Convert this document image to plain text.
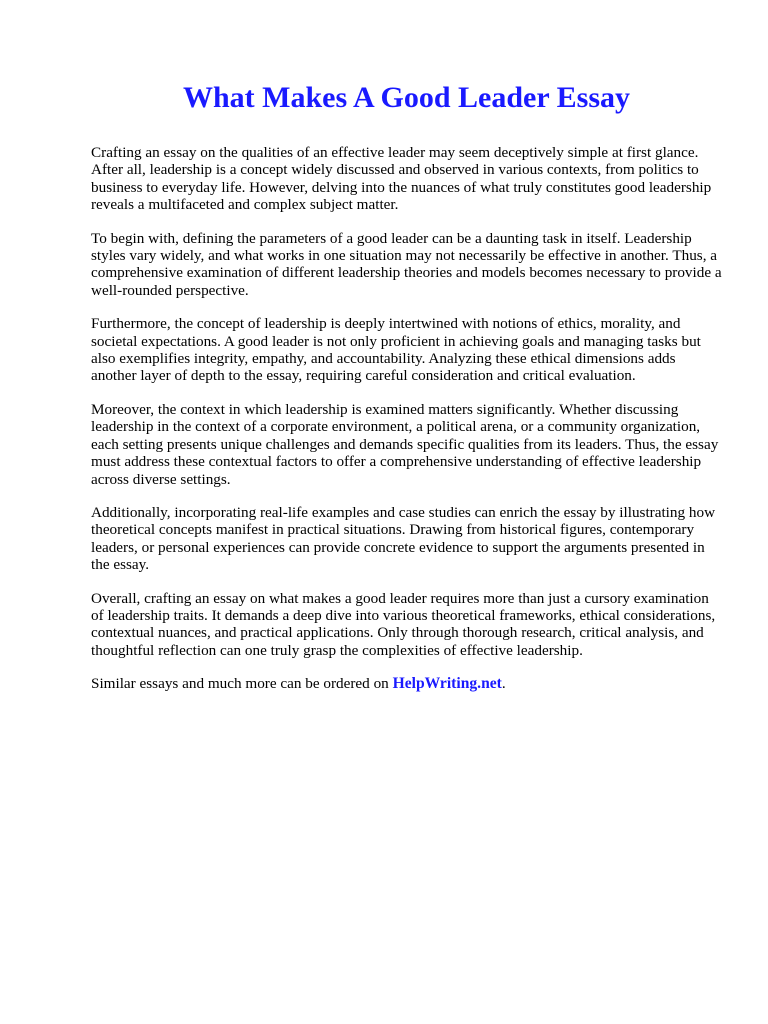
What Makes A Good Leader Essay

Crafting an essay on the qualities of an effective leader may seem deceptively simple at first glance. After all, leadership is a concept widely discussed and observed in various contexts, from politics to business to everyday life. However, delving into the nuances of what truly constitutes good leadership reveals a multifaceted and complex subject matter.

To begin with, defining the parameters of a good leader can be a daunting task in itself. Leadership styles vary widely, and what works in one situation may not necessarily be effective in another. Thus, a comprehensive examination of different leadership theories and models becomes necessary to provide a well-rounded perspective.

Furthermore, the concept of leadership is deeply intertwined with notions of ethics, morality, and societal expectations. A good leader is not only proficient in achieving goals and managing tasks but also exemplifies integrity, empathy, and accountability. Analyzing these ethical dimensions adds another layer of depth to the essay, requiring careful consideration and critical evaluation.

Moreover, the context in which leadership is examined matters significantly. Whether discussing leadership in the context of a corporate environment, a political arena, or a community organization, each setting presents unique challenges and demands specific qualities from its leaders. Thus, the essay must address these contextual factors to offer a comprehensive understanding of effective leadership across diverse settings.

Additionally, incorporating real-life examples and case studies can enrich the essay by illustrating how theoretical concepts manifest in practical situations. Drawing from historical figures, contemporary leaders, or personal experiences can provide concrete evidence to support the arguments presented in the essay.

Overall, crafting an essay on what makes a good leader requires more than just a cursory examination of leadership traits. It demands a deep dive into various theoretical frameworks, ethical considerations, contextual nuances, and practical applications. Only through thorough research, critical analysis, and thoughtful reflection can one truly grasp the complexities of effective leadership.

Similar essays and much more can be ordered on HelpWriting.net.
